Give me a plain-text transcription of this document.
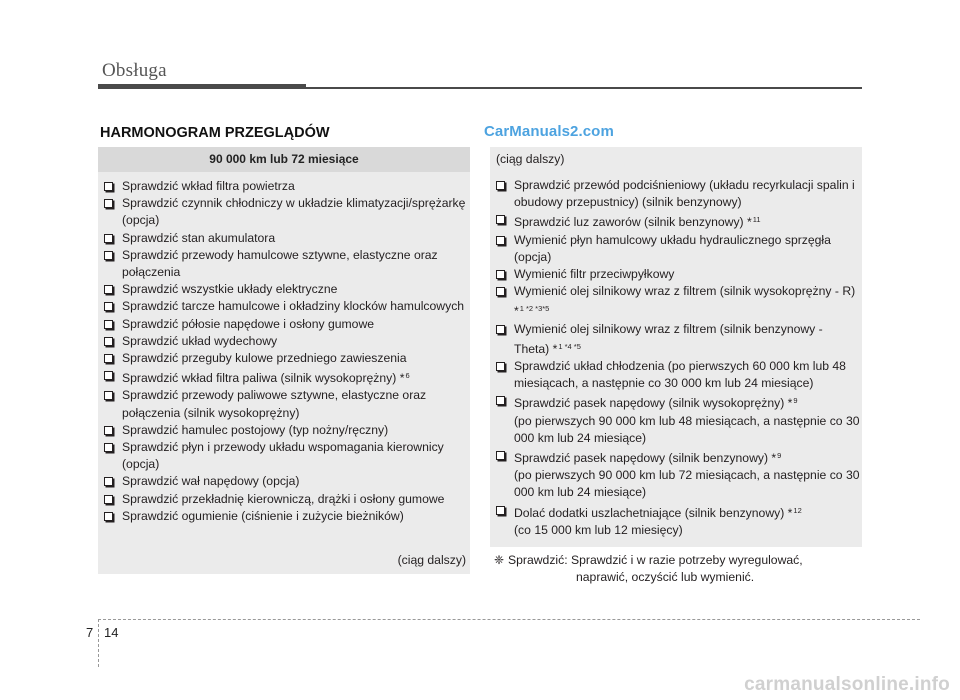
Obsługa
HARMONOGRAM PRZEGLĄDÓW	CarManuals2.com
90 000 km lub 72 miesiące
Sprawdzić wkład filtra powietrza
Sprawdzić czynnik chłodniczy w układzie klimatyzacji/sprężarkę (opcja)
Sprawdzić stan akumulatora
Sprawdzić przewody hamulcowe sztywne, elastyczne oraz połączenia
Sprawdzić wszystkie układy elektryczne
Sprawdzić tarcze hamulcowe i okładziny klocków hamulcowych
Sprawdzić półosie napędowe i osłony gumowe
Sprawdzić układ wydechowy
Sprawdzić przeguby kulowe przedniego zawieszenia
Sprawdzić wkład filtra paliwa (silnik wysokoprężny) *$^6$
Sprawdzić przewody paliwowe sztywne, elastyczne oraz połączenia (silnik wysokoprężny)
Sprawdzić hamulec postojowy (typ nożny/ręczny)
Sprawdzić płyn i przewody układu wspomagania kierownicy (opcja)
Sprawdzić wał napędowy (opcja)
Sprawdzić przekładnię kierowniczą, drążki i osłony gumowe
Sprawdzić ogumienie (ciśnienie i zużycie bieżników)
(ciąg dalszy)
(ciąg dalszy)
Sprawdzić przewód podciśnieniowy (układu recyrkulacji spalin i obudowy przepustnicy) (silnik benzynowy)
Sprawdzić luz zaworów (silnik benzynowy) *$^{11}$
Wymienić płyn hamulcowy układu hydraulicznego sprzęgła (opcja)
Wymienić filtr przeciwpyłkowy
Wymienić olej silnikowy wraz z filtrem (silnik wysokoprężny - R) *$^{1 *2 *3*5}$
Wymienić olej silnikowy wraz z filtrem (silnik benzynowy - Theta) *$^{1 *4 *5}$
Sprawdzić układ chłodzenia (po pierwszych 60 000 km lub 48 miesiącach, a następnie co 30 000 km lub 24 miesiące)
Sprawdzić pasek napędowy (silnik wysokoprężny) *$^9$
(po pierwszych 90 000 km lub 48 miesiącach, a następnie co 30 000 km lub 24 miesiące)
Sprawdzić pasek napędowy (silnik benzynowy) *$^9$
(po pierwszych 90 000 km lub 72 miesiącach, a następnie co 30 000 km lub 24 miesiące)
Dolać dodatki uszlachetniające (silnik benzynowy) *$^{12}$
(co 15 000 km lub 12 miesięcy)
❈ Sprawdzić: Sprawdzić i w razie potrzeby wyregulować,
naprawić, oczyścić lub wymienić.
7 14
carmanualsonline.info
